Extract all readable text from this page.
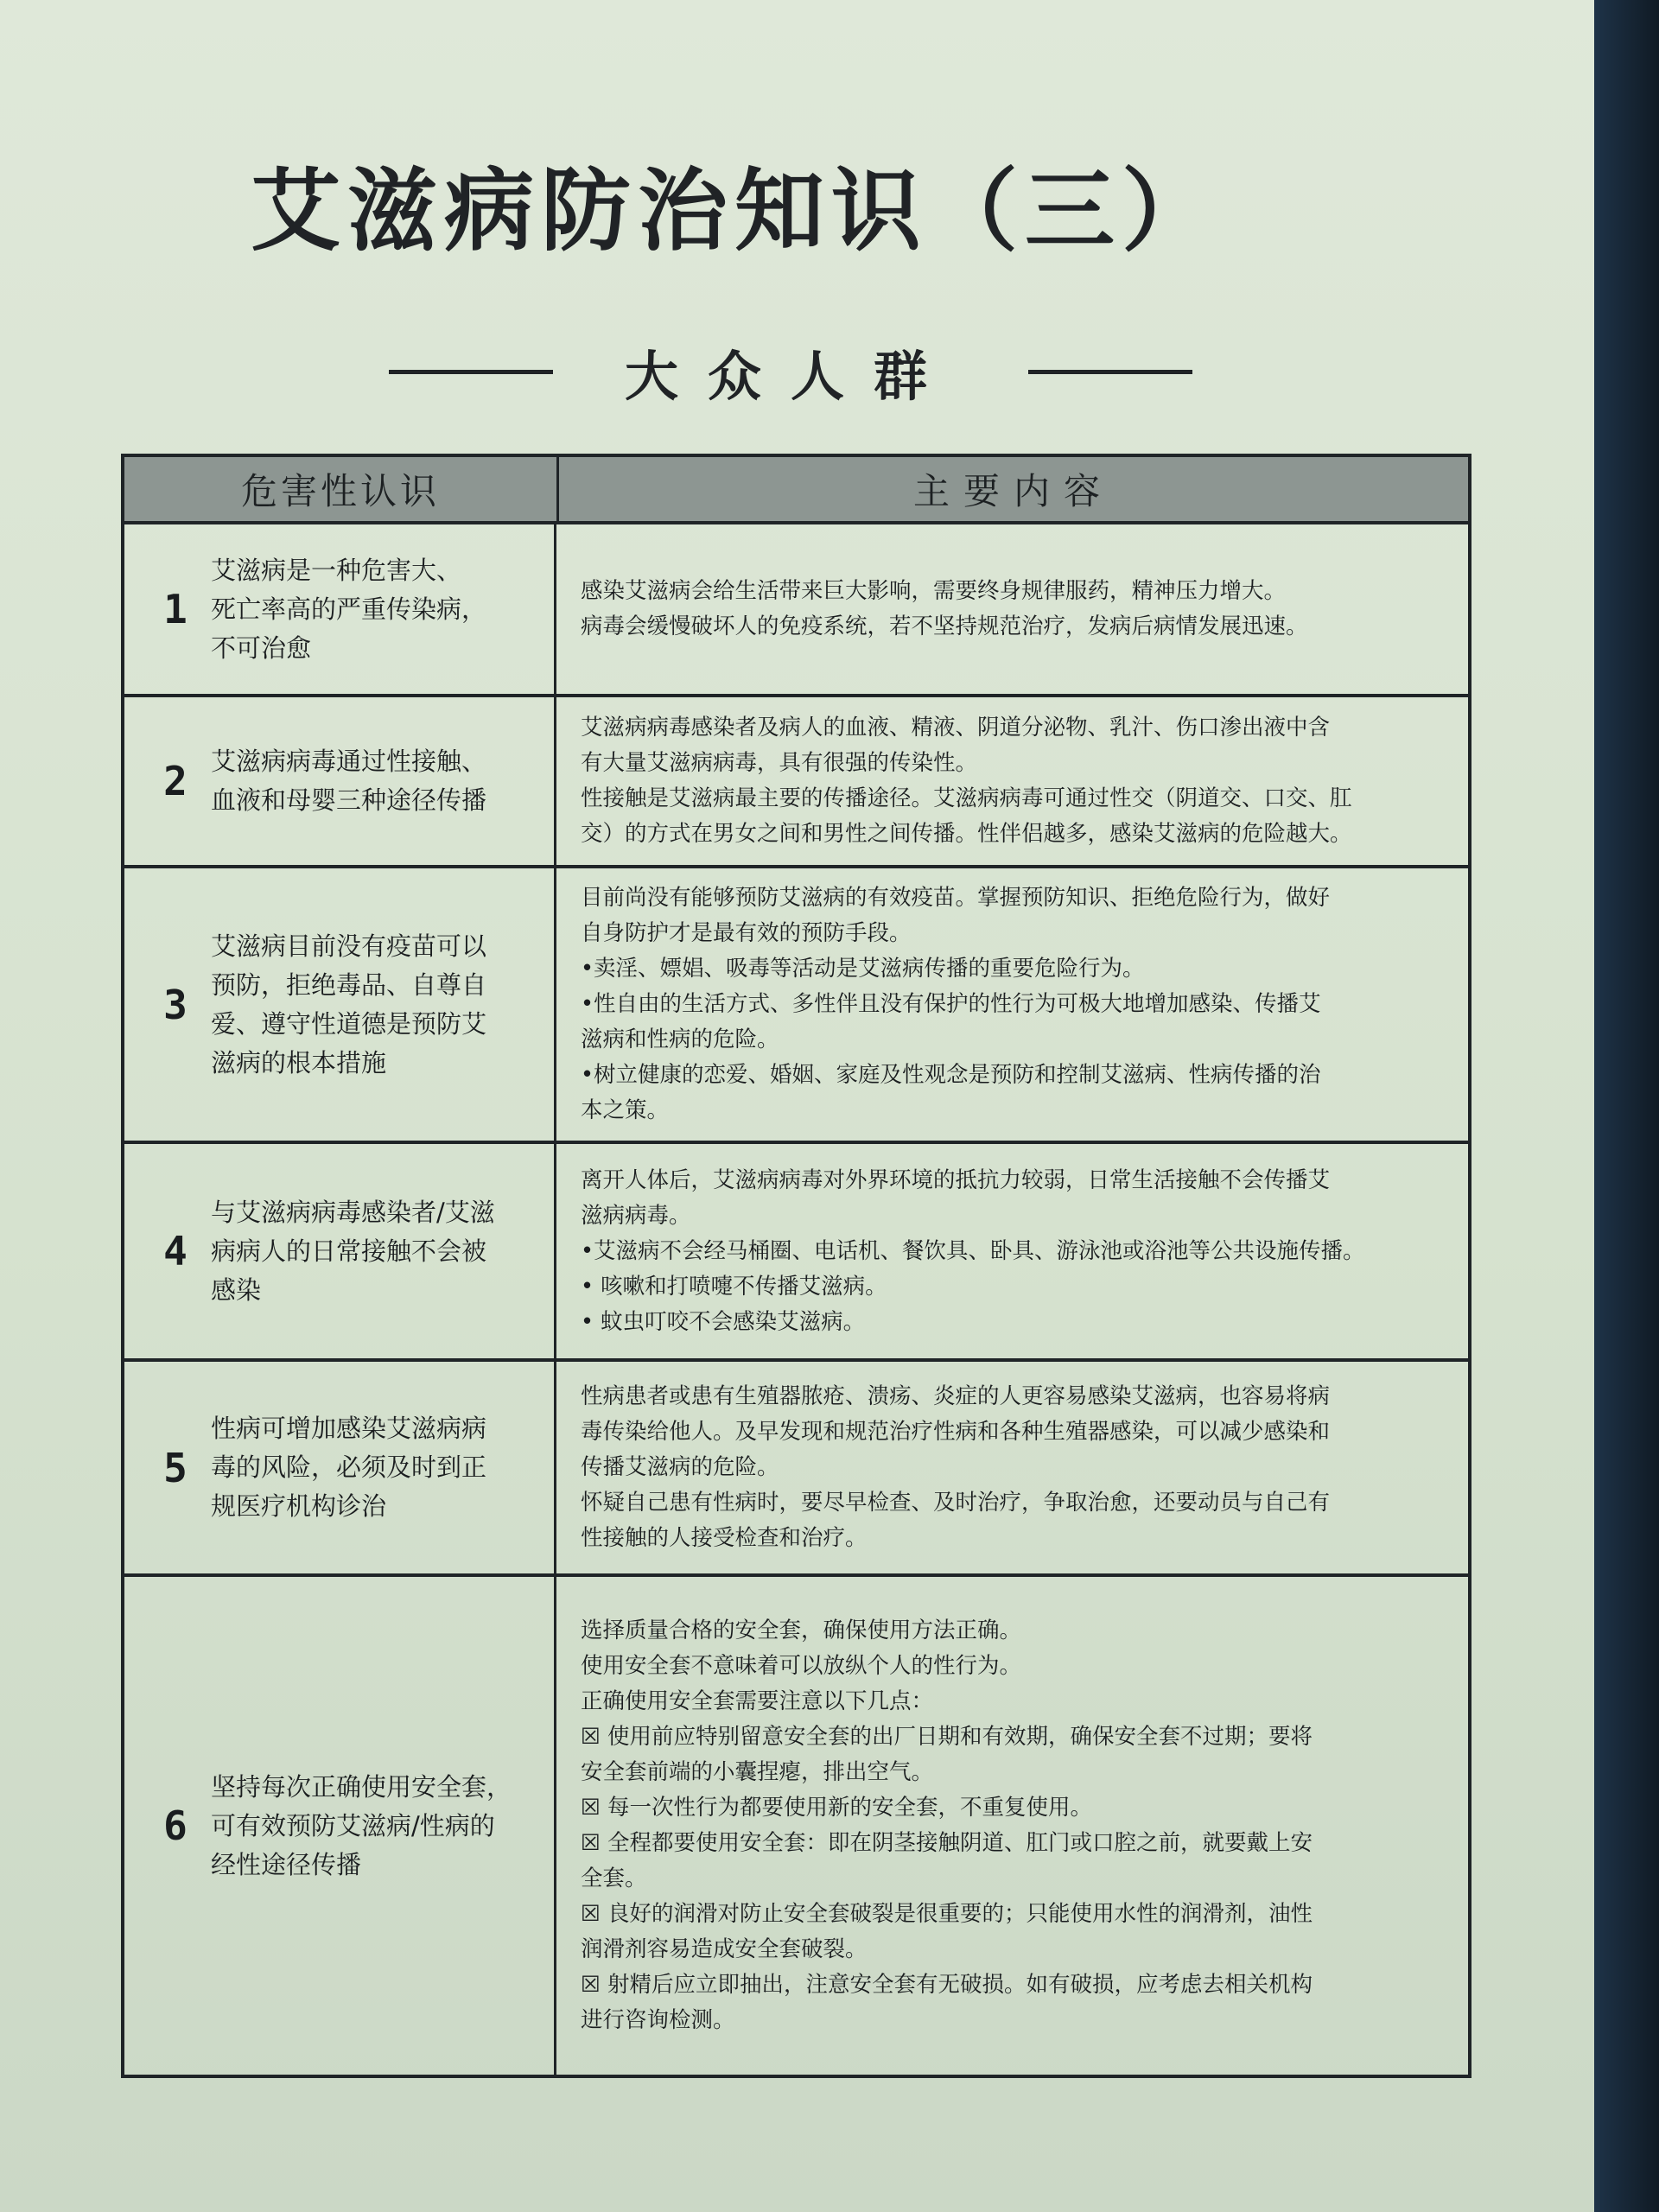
艾滋病防治知识（三）
大众人群
危害性认识	主要内容
1
艾滋病是一种危害大、
死亡率高的严重传染病，
不可治愈
感染艾滋病会给生活带来巨大影响，需要终身规律服药，精神压力增大。
病毒会缓慢破坏人的免疫系统，若不坚持规范治疗，发病后病情发展迅速。
2 艾滋病病毒通过性接触、
血液和母婴三种途径传播
艾滋病病毒感染者及病人的血液、精液、阴道分泌物、乳汁、伤口渗出液中含
有大量艾滋病病毒，具有很强的传染性。
性接触是艾滋病最主要的传播途径。艾滋病病毒可通过性交（阴道交、口交、肛
交）的方式在男女之间和男性之间传播。性伴侣越多，感染艾滋病的危险越大。
3
艾滋病目前没有疫苗可以
预防，拒绝毒品、自尊自
爱、遵守性道德是预防艾
滋病的根本措施
目前尚没有能够预防艾滋病的有效疫苗。掌握预防知识、拒绝危险行为，做好
自身防护才是最有效的预防手段。
•卖淫、嫖娼、吸毒等活动是艾滋病传播的重要危险行为。
•性自由的生活方式、多性伴且没有保护的性行为可极大地增加感染、传播艾
滋病和性病的危险。
•树立健康的恋爱、婚姻、家庭及性观念是预防和控制艾滋病、性病传播的治
本之策。
4
与艾滋病病毒感染者/艾滋
病病人的日常接触不会被
感染
离开人体后，艾滋病病毒对外界环境的抵抗力较弱，日常生活接触不会传播艾
滋病病毒。
•艾滋病不会经马桶圈、电话机、餐饮具、卧具、游泳池或浴池等公共设施传播。
• 咳嗽和打喷嚏不传播艾滋病。
• 蚊虫叮咬不会感染艾滋病。
5
性病可增加感染艾滋病病
毒的风险，必须及时到正
规医疗机构诊治
性病患者或患有生殖器脓疮、溃疡、炎症的人更容易感染艾滋病，也容易将病
毒传染给他人。及早发现和规范治疗性病和各种生殖器感染，可以减少感染和
传播艾滋病的危险。
怀疑自己患有性病时，要尽早检查、及时治疗，争取治愈，还要动员与自己有
性接触的人接受检查和治疗。
6
坚持每次正确使用安全套，
可有效预防艾滋病/性病的
经性途径传播
选择质量合格的安全套，确保使用方法正确。
使用安全套不意味着可以放纵个人的性行为。
正确使用安全套需要注意以下几点：
☒ 使用前应特别留意安全套的出厂日期和有效期，确保安全套不过期；要将
安全套前端的小囊捏瘪，排出空气。
☒ 每一次性行为都要使用新的安全套，不重复使用。
☒ 全程都要使用安全套：即在阴茎接触阴道、肛门或口腔之前，就要戴上安
全套。
☒ 良好的润滑对防止安全套破裂是很重要的；只能使用水性的润滑剂，油性
润滑剂容易造成安全套破裂。
☒ 射精后应立即抽出，注意安全套有无破损。如有破损，应考虑去相关机构
进行咨询检测。
